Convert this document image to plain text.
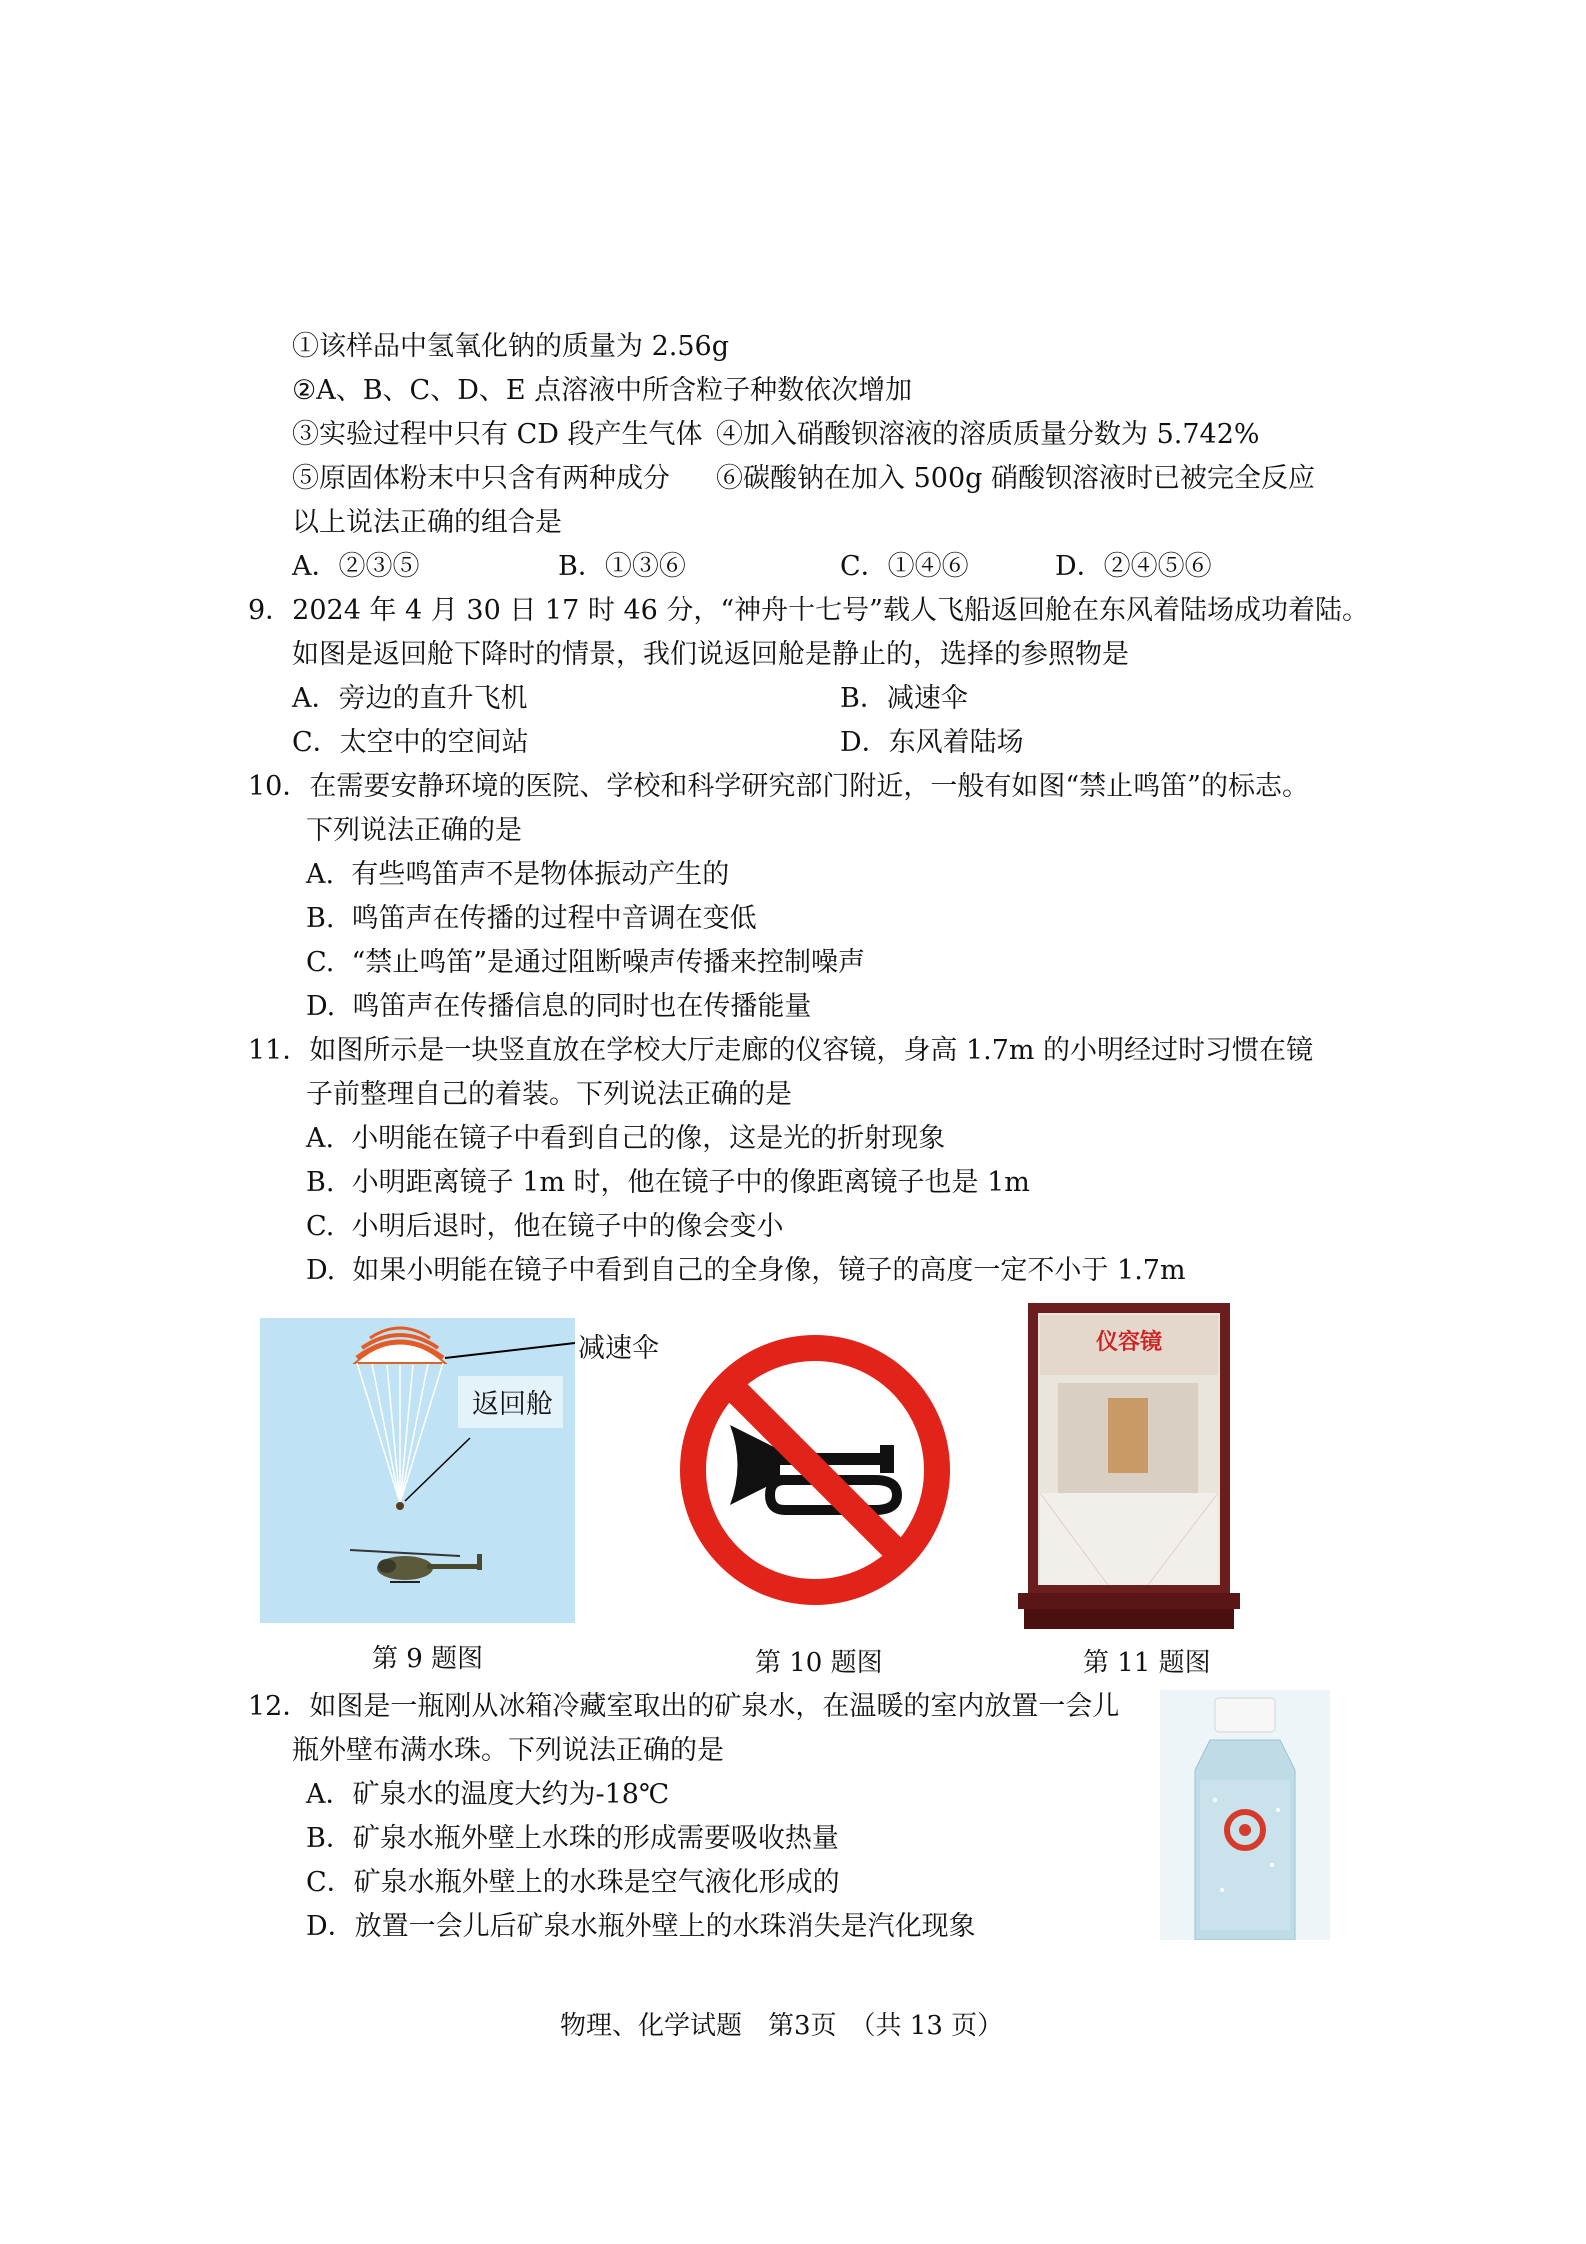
①该样品中氢氧化钠的质量为 2.56g
②A、B、C、D、E 点溶液中所含粒子种数依次增加
③实验过程中只有 CD 段产生气体 ④加入硝酸钡溶液的溶质质量分数为 5.742%
⑤原固体粉末中只含有两种成分 ⑥碳酸钠在加入 500g 硝酸钡溶液时已被完全反应
以上说法正确的组合是
A．②③⑤	B．①③⑥	C．①④⑥	D．②④⑤⑥
9．2024 年 4 月 30 日 17 时 46 分，“神舟十七号”载人飞船返回舱在东风着陆场成功着陆。
如图是返回舱下降时的情景，我们说返回舱是静止的，选择的参照物是
A．旁边的直升飞机	B．减速伞
C．太空中的空间站	D．东风着陆场
10．在需要安静环境的医院、学校和科学研究部门附近，一般有如图“禁止鸣笛”的标志。
下列说法正确的是
A.  有些鸣笛声不是物体振动产生的
B.  鸣笛声在传播的过程中音调在变低
C.  “禁止鸣笛”是通过阻断噪声传播来控制噪声
D.  鸣笛声在传播信息的同时也在传播能量
11．如图所示是一块竖直放在学校大厅走廊的仪容镜，身高 1.7m 的小明经过时习惯在镜
子前整理自己的着装。下列说法正确的是
A.  小明能在镜子中看到自己的像，这是光的折射现象
B.  小明距离镜子 1m 时，他在镜子中的像距离镜子也是 1m
C.  小明后退时，他在镜子中的像会变小
D.  如果小明能在镜子中看到自己的全身像，镜子的高度一定不小于 1.7m
返回舱
减速伞
第 9 题图	第 10 题图
仪容镜
第 11 题图
12．如图是一瓶刚从冰箱冷藏室取出的矿泉水，在温暖的室内放置一会儿
瓶外壁布满水珠。下列说法正确的是
A．矿泉水的温度大约为-18℃
B．矿泉水瓶外壁上水珠的形成需要吸收热量
C．矿泉水瓶外壁上的水珠是空气液化形成的
D．放置一会儿后矿泉水瓶外壁上的水珠消失是汽化现象
物理、化学试题　第3页　（共 13 页）
